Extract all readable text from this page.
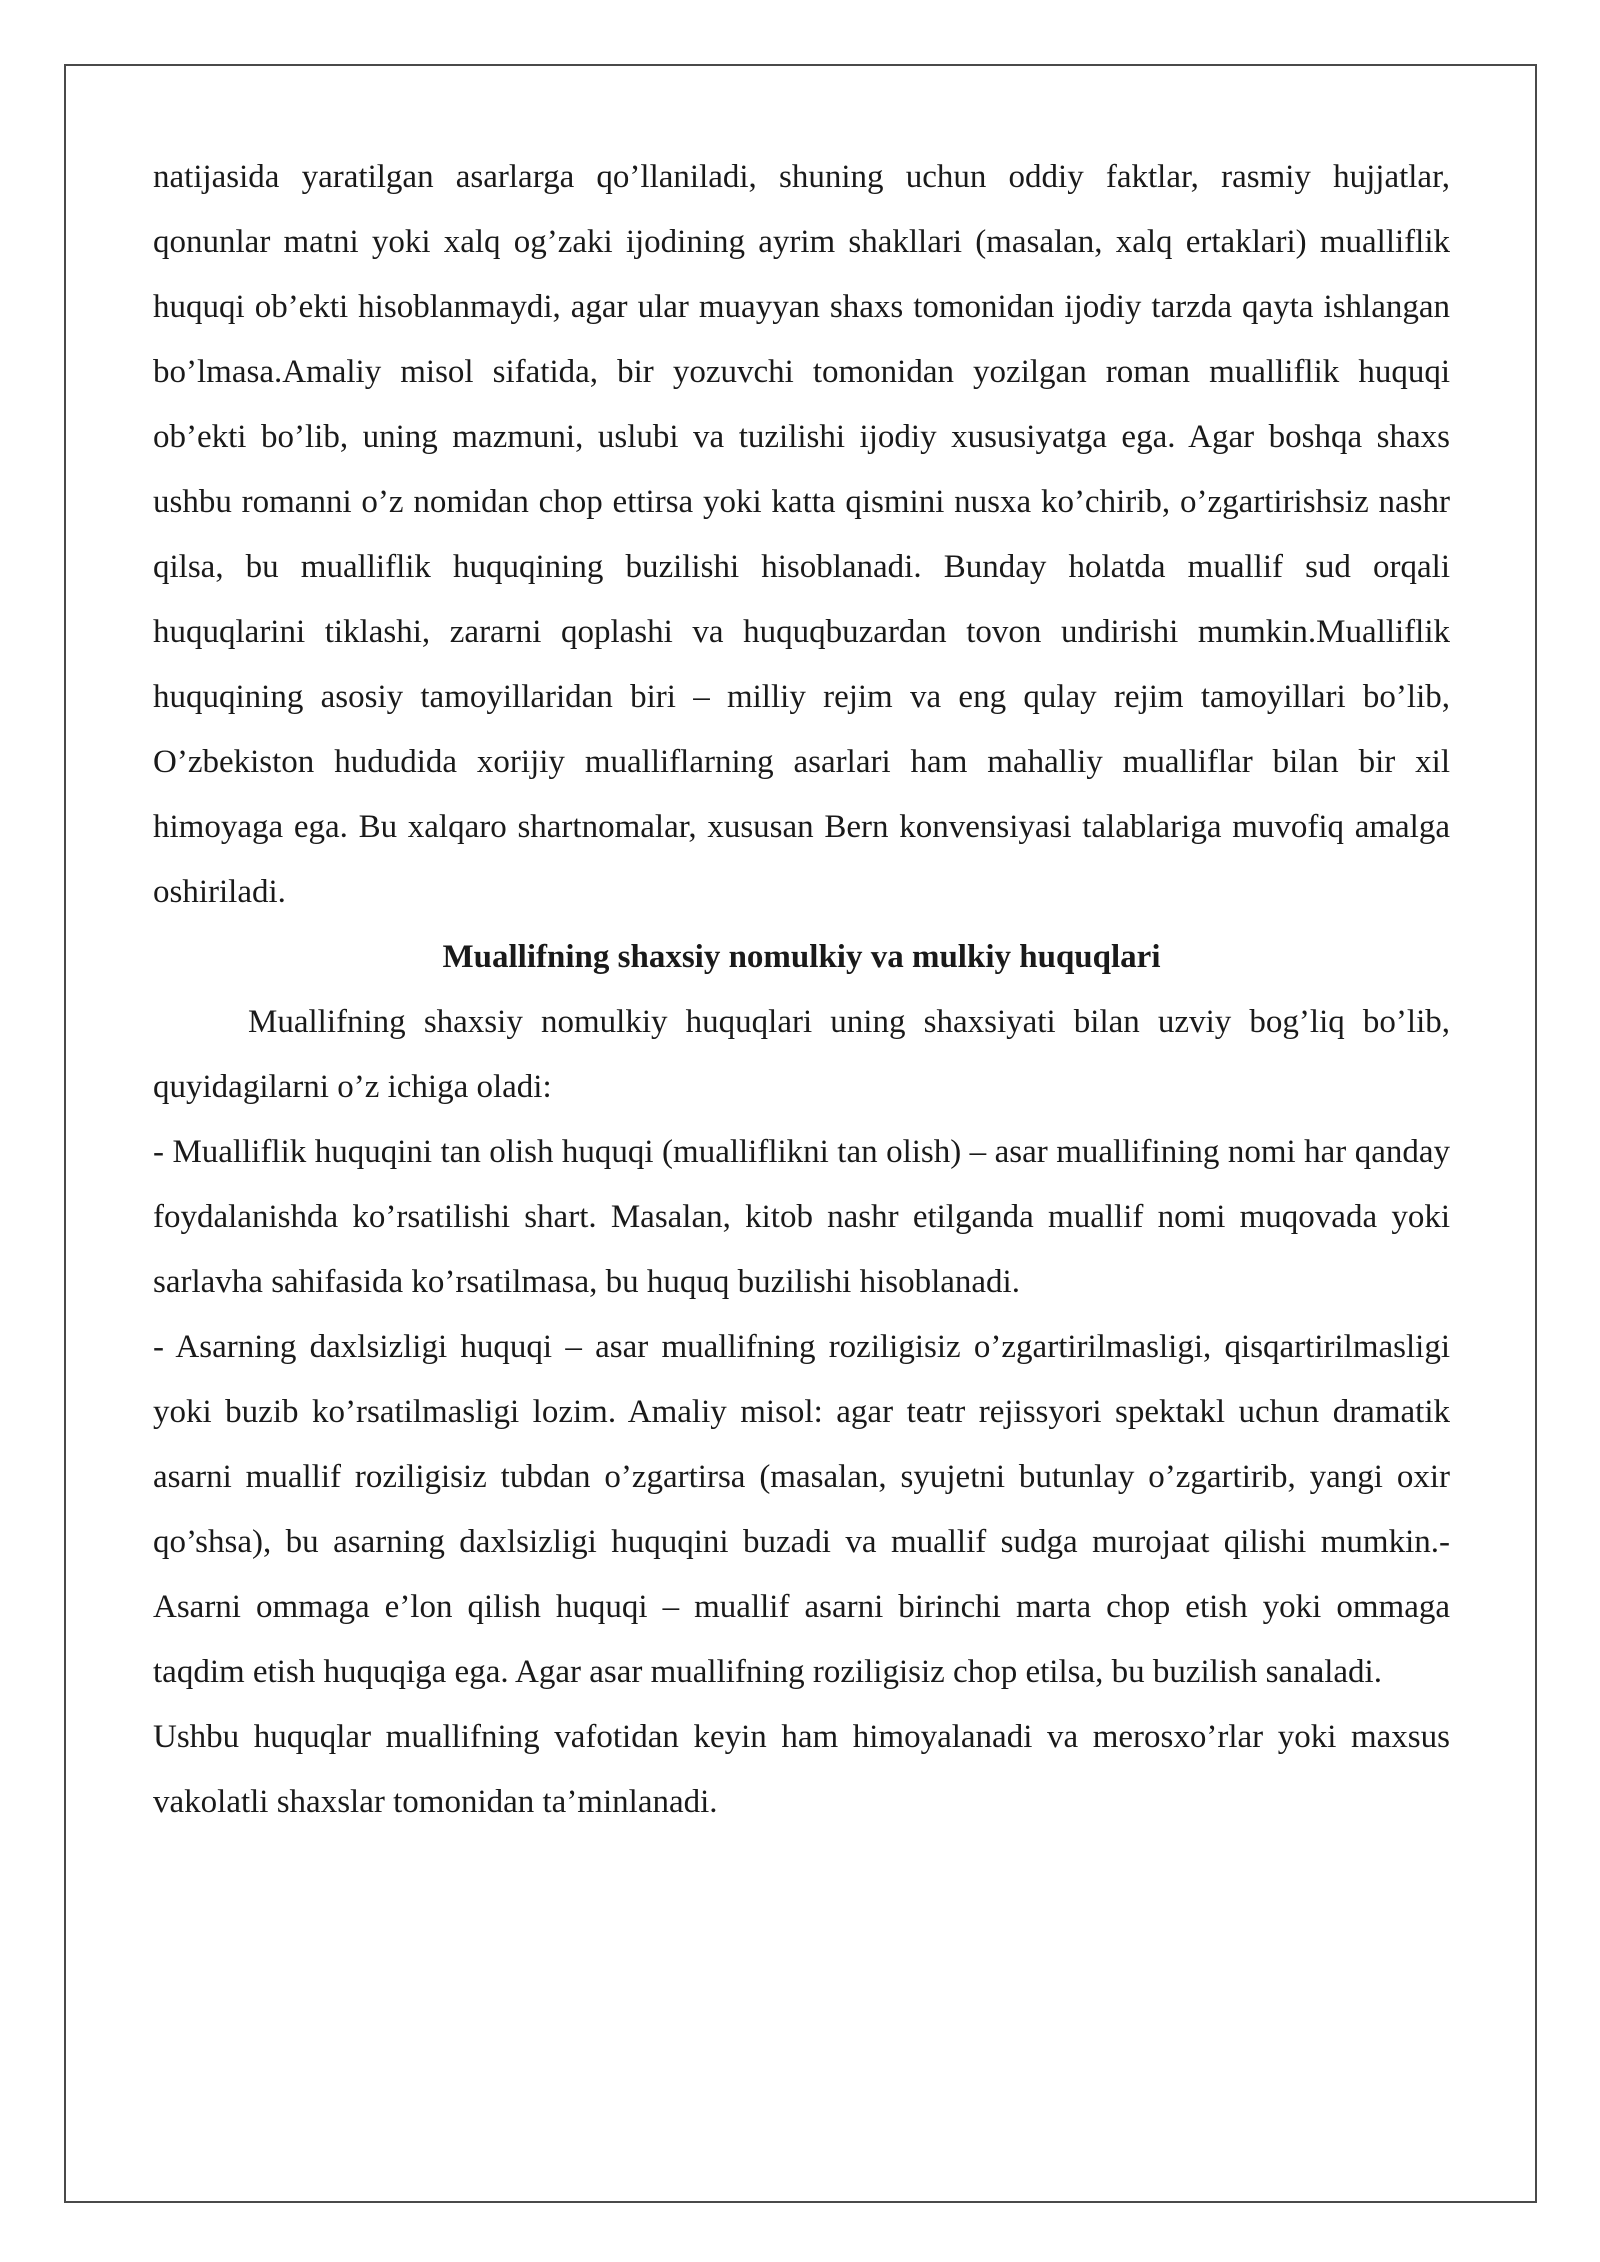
natijasida yaratilgan asarlarga qo’llaniladi, shuning uchun oddiy faktlar, rasmiy hujjatlar, qonunlar matni yoki xalq og’zaki ijodining ayrim shakllari (masalan, xalq ertaklari) mualliflik huquqi ob’ekti hisoblanmaydi, agar ular muayyan shaxs tomonidan ijodiy tarzda qayta ishlangan bo’lmasa.Amaliy misol sifatida, bir yozuvchi tomonidan yozilgan roman mualliflik huquqi ob’ekti bo’lib, uning mazmuni, uslubi va tuzilishi ijodiy xususiyatga ega. Agar boshqa shaxs ushbu romanni o’z nomidan chop ettirsa yoki katta qismini nusxa ko’chirib, o’zgartirishsiz nashr qilsa, bu mualliflik huquqining buzilishi hisoblanadi. Bunday holatda muallif sud orqali huquqlarini tiklashi, zararni qoplashi va huquqbuzardan tovon undirishi mumkin.Mualliflik huquqining asosiy tamoyillaridan biri – milliy rejim va eng qulay rejim tamoyillari bo’lib, O’zbekiston hududida xorijiy mualliflarning asarlari ham mahalliy mualliflar bilan bir xil himoyaga ega. Bu xalqaro shartnomalar, xususan Bern konvensiyasi talablariga muvofiq amalga oshiriladi.

Muallifning shaxsiy nomulkiy va mulkiy huquqlari

Muallifning shaxsiy nomulkiy huquqlari uning shaxsiyati bilan uzviy bog’liq bo’lib, quyidagilarni o’z ichiga oladi:

- Mualliflik huquqini tan olish huquqi (mualliflikni tan olish) – asar muallifining nomi har qanday foydalanishda ko’rsatilishi shart. Masalan, kitob nashr etilganda muallif nomi muqovada yoki sarlavha sahifasida ko’rsatilmasa, bu huquq buzilishi hisoblanadi.

- Asarning daxlsizligi huquqi – asar muallifning roziligisiz o’zgartirilmasligi, qisqartirilmasligi yoki buzib ko’rsatilmasligi lozim. Amaliy misol: agar teatr rejissyori spektakl uchun dramatik asarni muallif roziligisiz tubdan o’zgartirsa (masalan, syujetni butunlay o’zgartirib, yangi oxir qo’shsa), bu asarning daxlsizligi huquqini buzadi va muallif sudga murojaat qilishi mumkin.- Asarni ommaga e’lon qilish huquqi – muallif asarni birinchi marta chop etish yoki ommaga taqdim etish huquqiga ega. Agar asar muallifning roziligisiz chop etilsa, bu buzilish sanaladi.

Ushbu huquqlar muallifning vafotidan keyin ham himoyalanadi va merosxo’rlar yoki maxsus vakolatli shaxslar tomonidan ta’minlanadi.
